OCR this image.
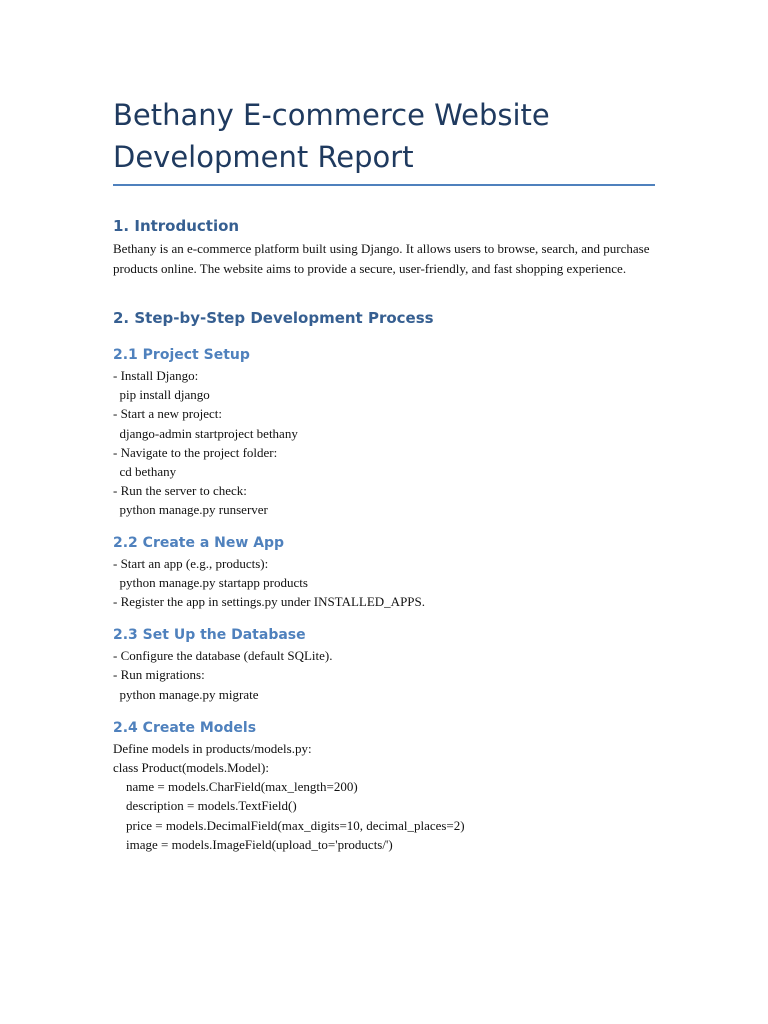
Bethany E-commerce Website
Development Report
1. Introduction

Bethany is an e-commerce platform built using Django. It allows users to browse, search, and purchase products online. The website aims to provide a secure, user-friendly, and fast shopping experience.

2. Step-by-Step Development Process
2.1 Project Setup
- Install Django:
pip install django
- Start a new project:
django-admin startproject bethany
- Navigate to the project folder:
cd bethany
- Run the server to check:
python manage.py runserver
2.2 Create a New App
- Start an app (e.g., products):
python manage.py startapp products
- Register the app in settings.py under INSTALLED_APPS.
2.3 Set Up the Database
- Configure the database (default SQLite).
- Run migrations:
python manage.py migrate
2.4 Create Models
Define models in products/models.py:
class Product(models.Model):
name = models.CharField(max_length=200)
description = models.TextField()
price = models.DecimalField(max_digits=10, decimal_places=2)
image = models.ImageField(upload_to='products/')
